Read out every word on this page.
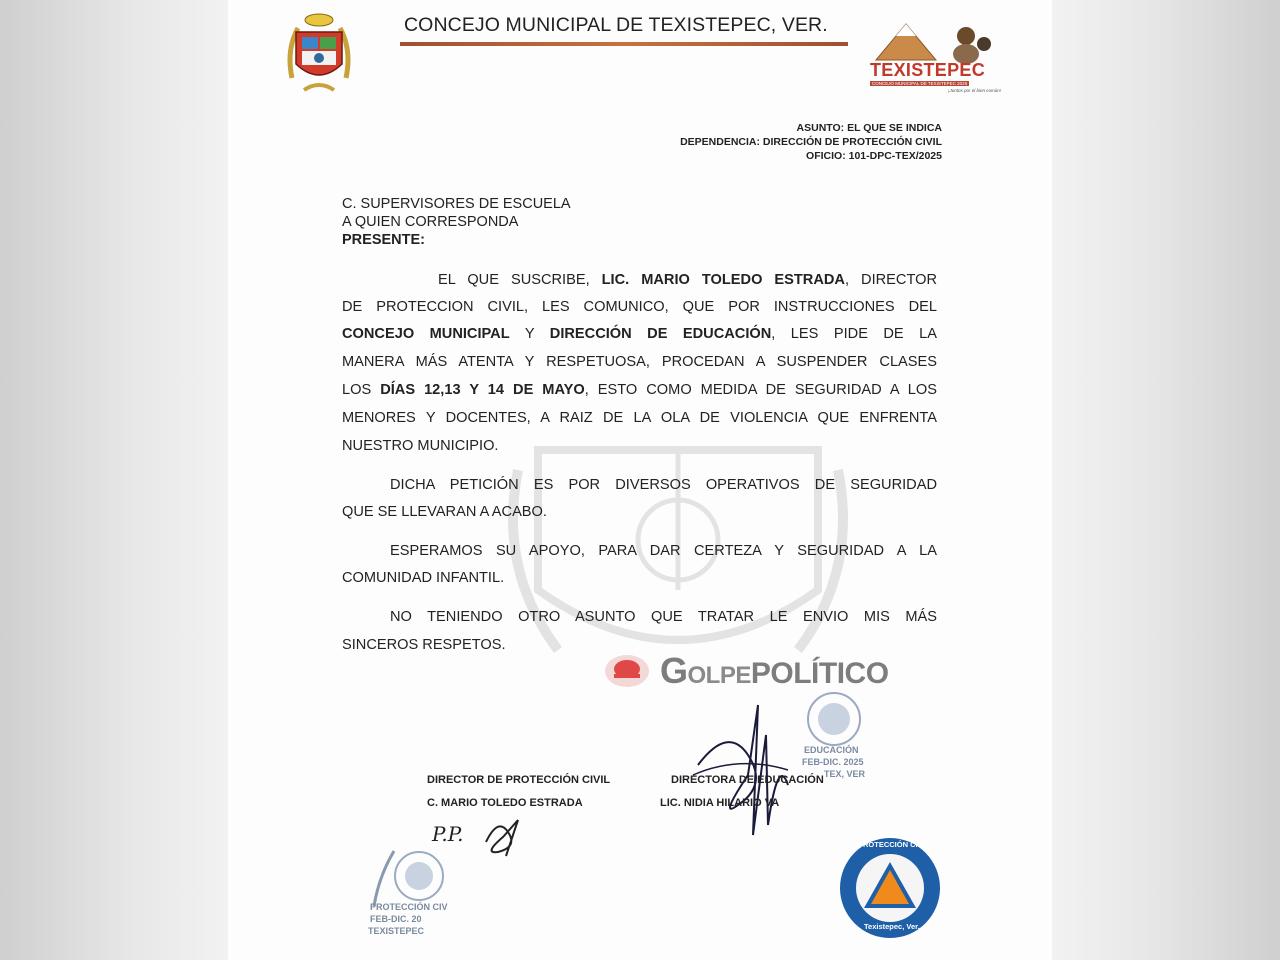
CONCEJO MUNICIPAL DE TEXISTEPEC, VER.
TEXISTEPEC
CONCEJO MUNICIPAL DE TEXISTEPEC 2025
¡Juntos por el bien común!
ASUNTO: EL QUE SE INDICA
DEPENDENCIA: DIRECCIÓN DE PROTECCIÓN CIVIL
OFICIO: 101-DPC-TEX/2025
C. SUPERVISORES DE ESCUELA
A QUIEN CORRESPONDA
PRESENTE:
EL QUE SUSCRIBE, LIC. MARIO TOLEDO ESTRADA, DIRECTOR
DE PROTECCION CIVIL, LES COMUNICO, QUE POR INSTRUCCIONES DEL
CONCEJO MUNICIPAL Y DIRECCIÓN DE EDUCACIÓN, LES PIDE DE LA
MANERA MÁS ATENTA Y RESPETUOSA, PROCEDAN A SUSPENDER CLASES
LOS DÍAS 12,13 Y 14 DE MAYO, ESTO COMO MEDIDA DE SEGURIDAD A LOS
MENORES Y DOCENTES, A RAIZ DE LA OLA DE VIOLENCIA QUE ENFRENTA
NUESTRO MUNICIPIO.
DICHA PETICIÓN ES POR DIVERSOS OPERATIVOS DE SEGURIDAD
QUE SE LLEVARAN A ACABO.
ESPERAMOS SU APOYO, PARA DAR CERTEZA Y SEGURIDAD A LA
COMUNIDAD INFANTIL.
NO TENIENDO OTRO ASUNTO QUE TRATAR LE ENVIO MIS MÁS
SINCEROS RESPETOS.
GOLPEPOLÍTICO
EDUCACIÓN
FEB-DIC. 2025
TEX, VER
DIRECTOR DE PROTECCIÓN CIVIL
C. MARIO TOLEDO ESTRADA
DIRECTORA DE EDUCACIÓN
LIC. NIDIA HILARIO VA
P.P.
PROTECCIÓN CIV
FEB-DIC. 20
TEXISTEPEC
PROTECCIÓN CIVIL
Texistepec, Ver.
